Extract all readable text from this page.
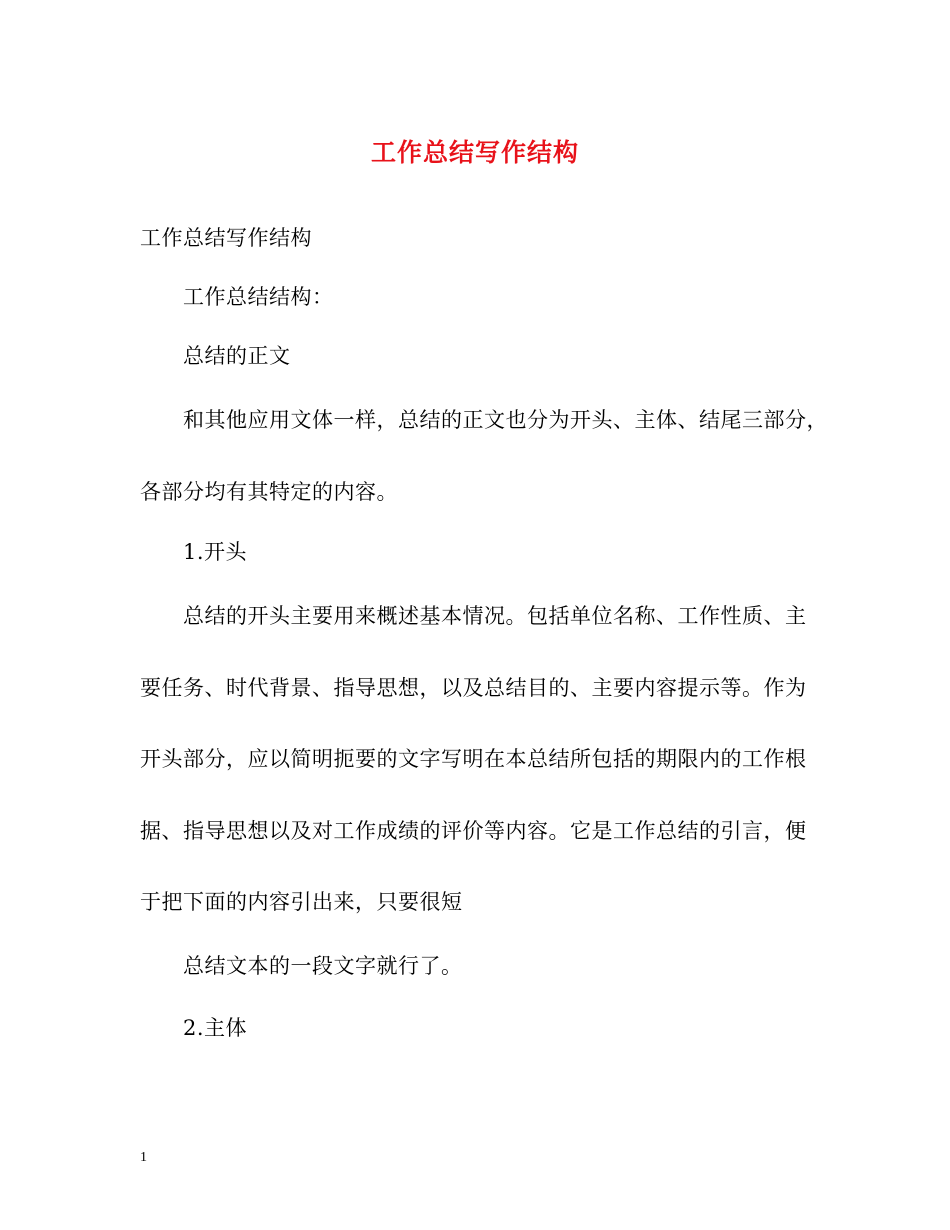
工作总结写作结构
工作总结写作结构
工作总结结构：
总结的正文
和其他应用文体一样，总结的正文也分为开头、主体、结尾三部分，
各部分均有其特定的内容。
1.开头
总结的开头主要用来概述基本情况。包括单位名称、工作性质、主
要任务、时代背景、指导思想，以及总结目的、主要内容提示等。作为
开头部分，应以简明扼要的文字写明在本总结所包括的期限内的工作根
据、指导思想以及对工作成绩的评价等内容。它是工作总结的引言，便
于把下面的内容引出来，只要很短
总结文本的一段文字就行了。
2.主体
1
